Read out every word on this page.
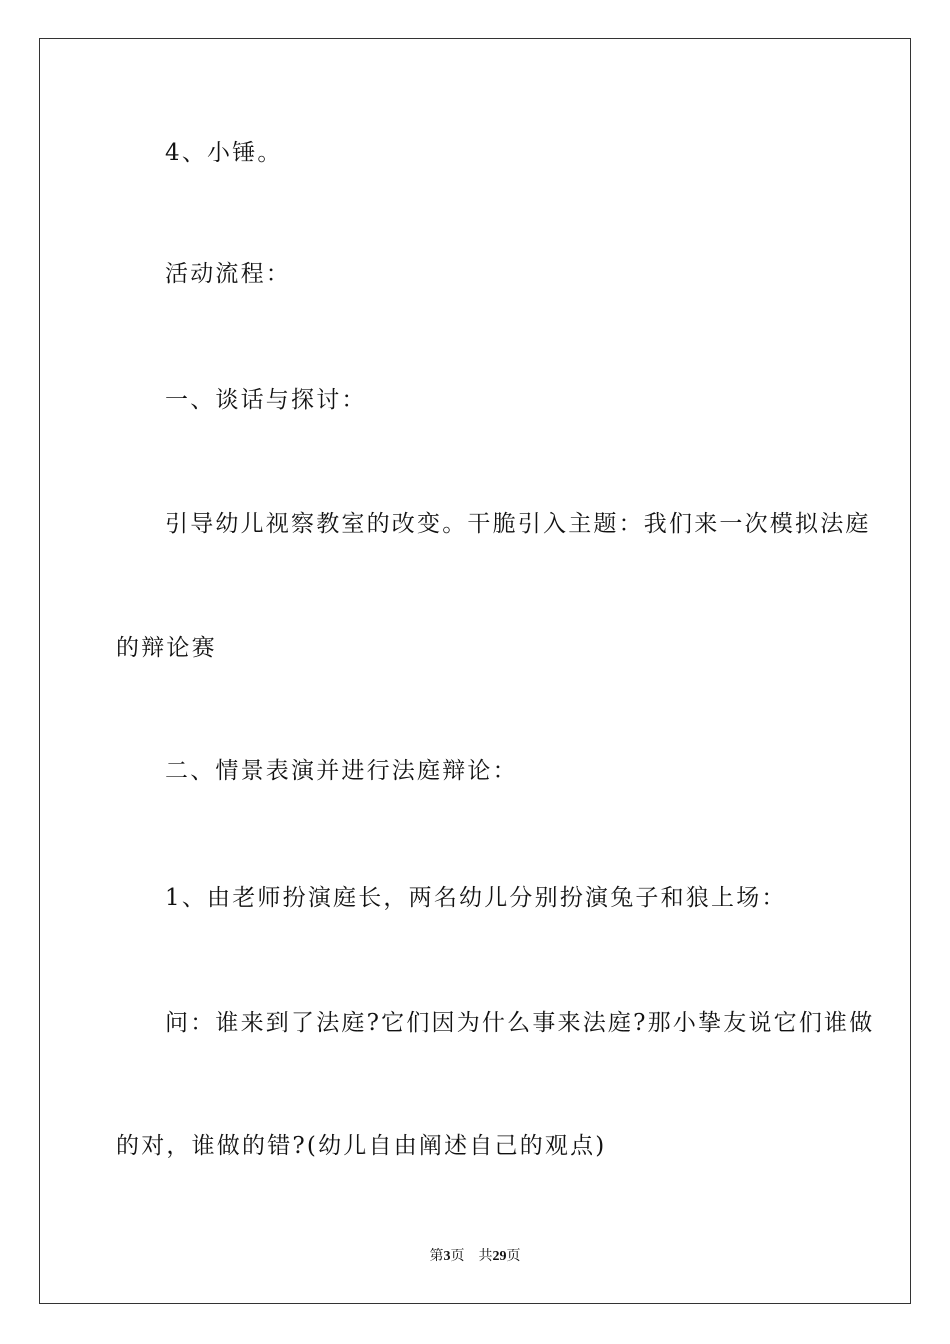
4、小锤。
活动流程：
一、谈话与探讨：
引导幼儿视察教室的改变。干脆引入主题：我们来一次模拟法庭
的辩论赛
二、情景表演并进行法庭辩论：
1、由老师扮演庭长，两名幼儿分别扮演兔子和狼上场：
问：谁来到了法庭?它们因为什么事来法庭?那小挚友说它们谁做
的对，谁做的错?(幼儿自由阐述自己的观点)
第3页 共29页
